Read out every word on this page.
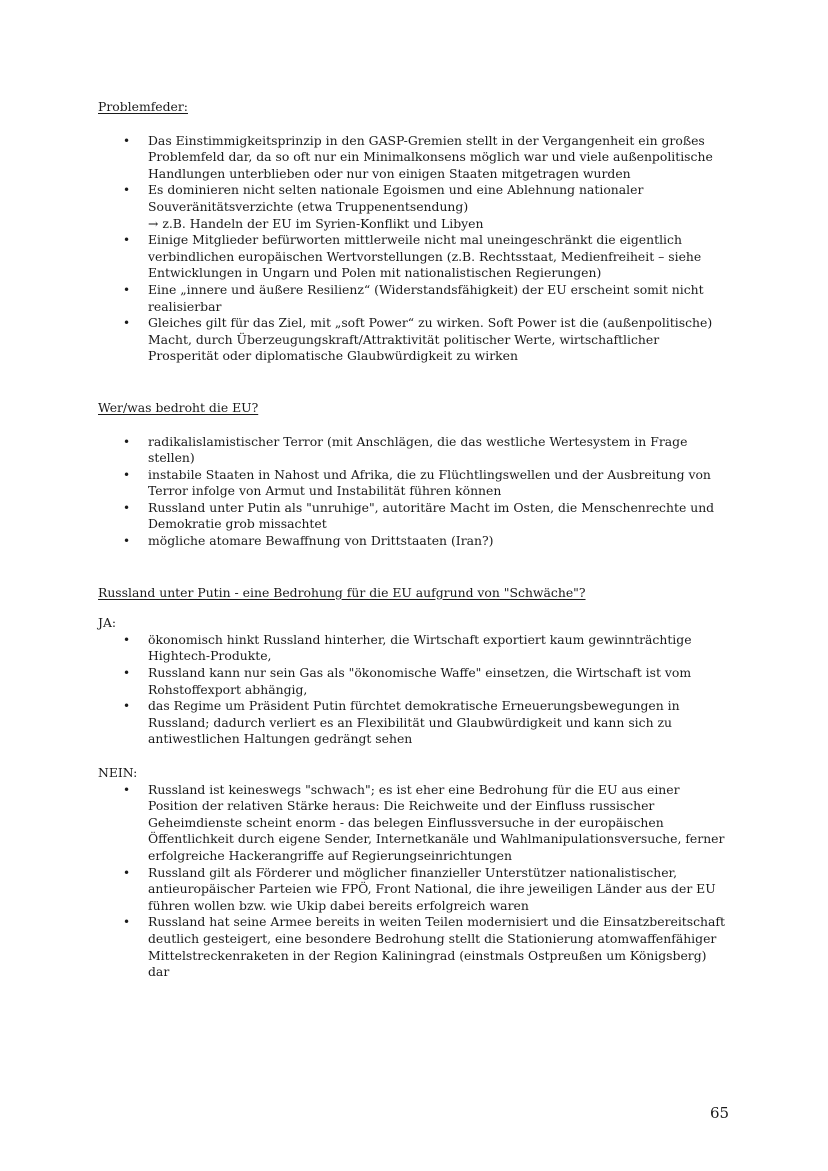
Problemfeder:

• Das Einstimmigkeitsprinzip in den GASP-Gremien stellt in der Vergangenheit ein großes Problemfeld dar, da so oft nur ein Minimalkonsens möglich war und viele außenpolitische Handlungen unterblieben oder nur von einigen Staaten mitgetragen wurden
• Es dominieren nicht selten nationale Egoismen und eine Ablehnung nationaler Souveränitätsverzichte (etwa Truppenentsendung)
→ z.B. Handeln der EU im Syrien-Konflikt und Libyen
• Einige Mitglieder befürworten mittlerweile nicht mal uneingeschränkt die eigentlich verbindlichen europäischen Wertvorstellungen (z.B. Rechtsstaat, Medienfreiheit – siehe Entwicklungen in Ungarn und Polen mit nationalistischen Regierungen)
• Eine „innere und äußere Resilienz“ (Widerstandsfähigkeit) der EU erscheint somit nicht realisierbar
• Gleiches gilt für das Ziel, mit „soft Power“ zu wirken. Soft Power ist die (außenpolitische) Macht, durch Überzeugungskraft/Attraktivität politischer Werte, wirtschaftlicher Prosperität oder diplomatische Glaubwürdigkeit zu wirken

Wer/was bedroht die EU?

• radikalislamistischer Terror (mit Anschlägen, die das westliche Wertesystem in Frage stellen)
• instabile Staaten in Nahost und Afrika, die zu Flüchtlingswellen und der Ausbreitung von Terror infolge von Armut und Instabilität führen können
• Russland unter Putin als "unruhige", autoritäre Macht im Osten, die Menschenrechte und Demokratie grob missachtet
• mögliche atomare Bewaffnung von Drittstaaten (Iran?)

Russland unter Putin - eine Bedrohung für die EU aufgrund von "Schwäche"?

JA:

• ökonomisch hinkt Russland hinterher, die Wirtschaft exportiert kaum gewinnträchtige Hightech-Produkte,
• Russland kann nur sein Gas als "ökonomische Waffe" einsetzen, die Wirtschaft ist vom Rohstoffexport abhängig,
• das Regime um Präsident Putin fürchtet demokratische Erneuerungsbewegungen in Russland; dadurch verliert es an Flexibilität und Glaubwürdigkeit und kann sich zu antiwestlichen Haltungen gedrängt sehen

NEIN:

• Russland ist keineswegs "schwach"; es ist eher eine Bedrohung für die EU aus einer Position der relativen Stärke heraus: Die Reichweite und der Einfluss russischer Geheimdienste scheint enorm - das belegen Einflussversuche in der europäischen Öffentlichkeit durch eigene Sender, Internetkanäle und Wahlmanipulationsversuche, ferner erfolgreiche Hackerangriffe auf Regierungseinrichtungen
• Russland gilt als Förderer und möglicher finanzieller Unterstützer nationalistischer, antieuropäischer Parteien wie FPÖ, Front National, die ihre jeweiligen Länder aus der EU führen wollen bzw. wie Ukip dabei bereits erfolgreich waren
• Russland hat seine Armee bereits in weiten Teilen modernisiert und die Einsatzbereitschaft deutlich gesteigert, eine besondere Bedrohung stellt die Stationierung atomwaffenfähiger Mittelstreckenraketen in der Region Kaliningrad (einstmals Ostpreußen um Königsberg) dar
65
